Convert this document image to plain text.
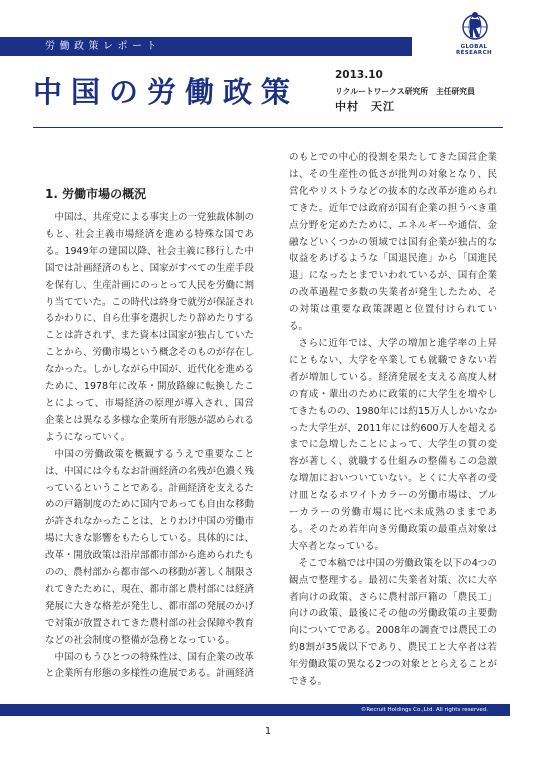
労働政策レポート	GLOBAL RESEARCH
中国の労働政策	2013.10
リクルートワークス研究所　主任研究員
中村　天江
1. 労働市場の概況

中国は、共産党による事実上の一党独裁体制のもと、社会主義市場経済を進める特殊な国である。1949年の建国以降、社会主義に移行した中国では計画経済のもと、国家がすべての生産手段を保有し、生産計画にのっとって人民を労働に割り当てていた。この時代は終身で就労が保証されるかわりに、自ら仕事を選択したり辞めたりすることは許されず、また資本は国家が独占していたことから、労働市場という概念そのものが存在しなかった。しかしながら中国が、近代化を進めるために、1978年に改革・開放路線に転換したことによって、市場経済の原理が導入され、国営企業とは異なる多様な企業所有形態が認められるようになっていく。

中国の労働政策を概観するうえで重要なことは、中国には今もなお計画経済の名残が色濃く残っているということである。計画経済を支えるための戸籍制度のために国内であっても自由な移動が許されなかったことは、とりわけ中国の労働市場に大きな影響をもたらしている。具体的には、改革・開放政策は沿岸部都市部から進められたものの、農村部から都市部への移動が著しく制限されてきたために、現在、都市部と農村部には経済発展に大きな格差が発生し、都市部の発展のかげで対策が放置されてきた農村部の社会保障や教育などの社会制度の整備が急務となっている。

中国のもうひとつの特殊性は、国有企業の改革と企業所有形態の多様性の進展である。計画経済

のもとでの中心的役割を果たしてきた国営企業は、その生産性の低さが批判の対象となり、民営化やリストラなどの抜本的な改革が進められてきた。近年では政府が国有企業の担うべき重点分野を定めたために、エネルギーや通信、金融などいくつかの領域では国有企業が独占的な収益をあげるような「国退民進」から「国進民退」になったとまでいわれているが、国有企業の改革過程で多数の失業者が発生したため、その対策は重要な政策課題と位置付けられている。

さらに近年では、大学の増加と進学率の上昇にともない、大学を卒業しても就職できない若者が増加している。経済発展を支える高度人材の育成・輩出のために政策的に大学生を増やしてきたものの、1980年には約15万人しかいなかった大学生が、2011年には約600万人を超えるまでに急増したことによって、大学生の質の変容が著しく、就職する仕組みの整備もこの急激な増加においついていない。とくに大卒者の受け皿となるホワイトカラーの労働市場は、ブルーカラーの労働市場に比べ未成熟のままである。そのため若年向き労働政策の最重点対象は大卒者となっている。

そこで本稿では中国の労働政策を以下の4つの観点で整理する。最初に失業者対策、次に大卒者向けの政策、さらに農村部戸籍の「農民工」向けの政策、最後にその他の労働政策の主要動向についてである。2008年の調査では農民工の約8割が35歳以下であり、農民工と大卒者は若年労働政策の異なる2つの対象ととらえることができる。

©Recruit Holdings Co.,Ltd. All rights reserved.
1
